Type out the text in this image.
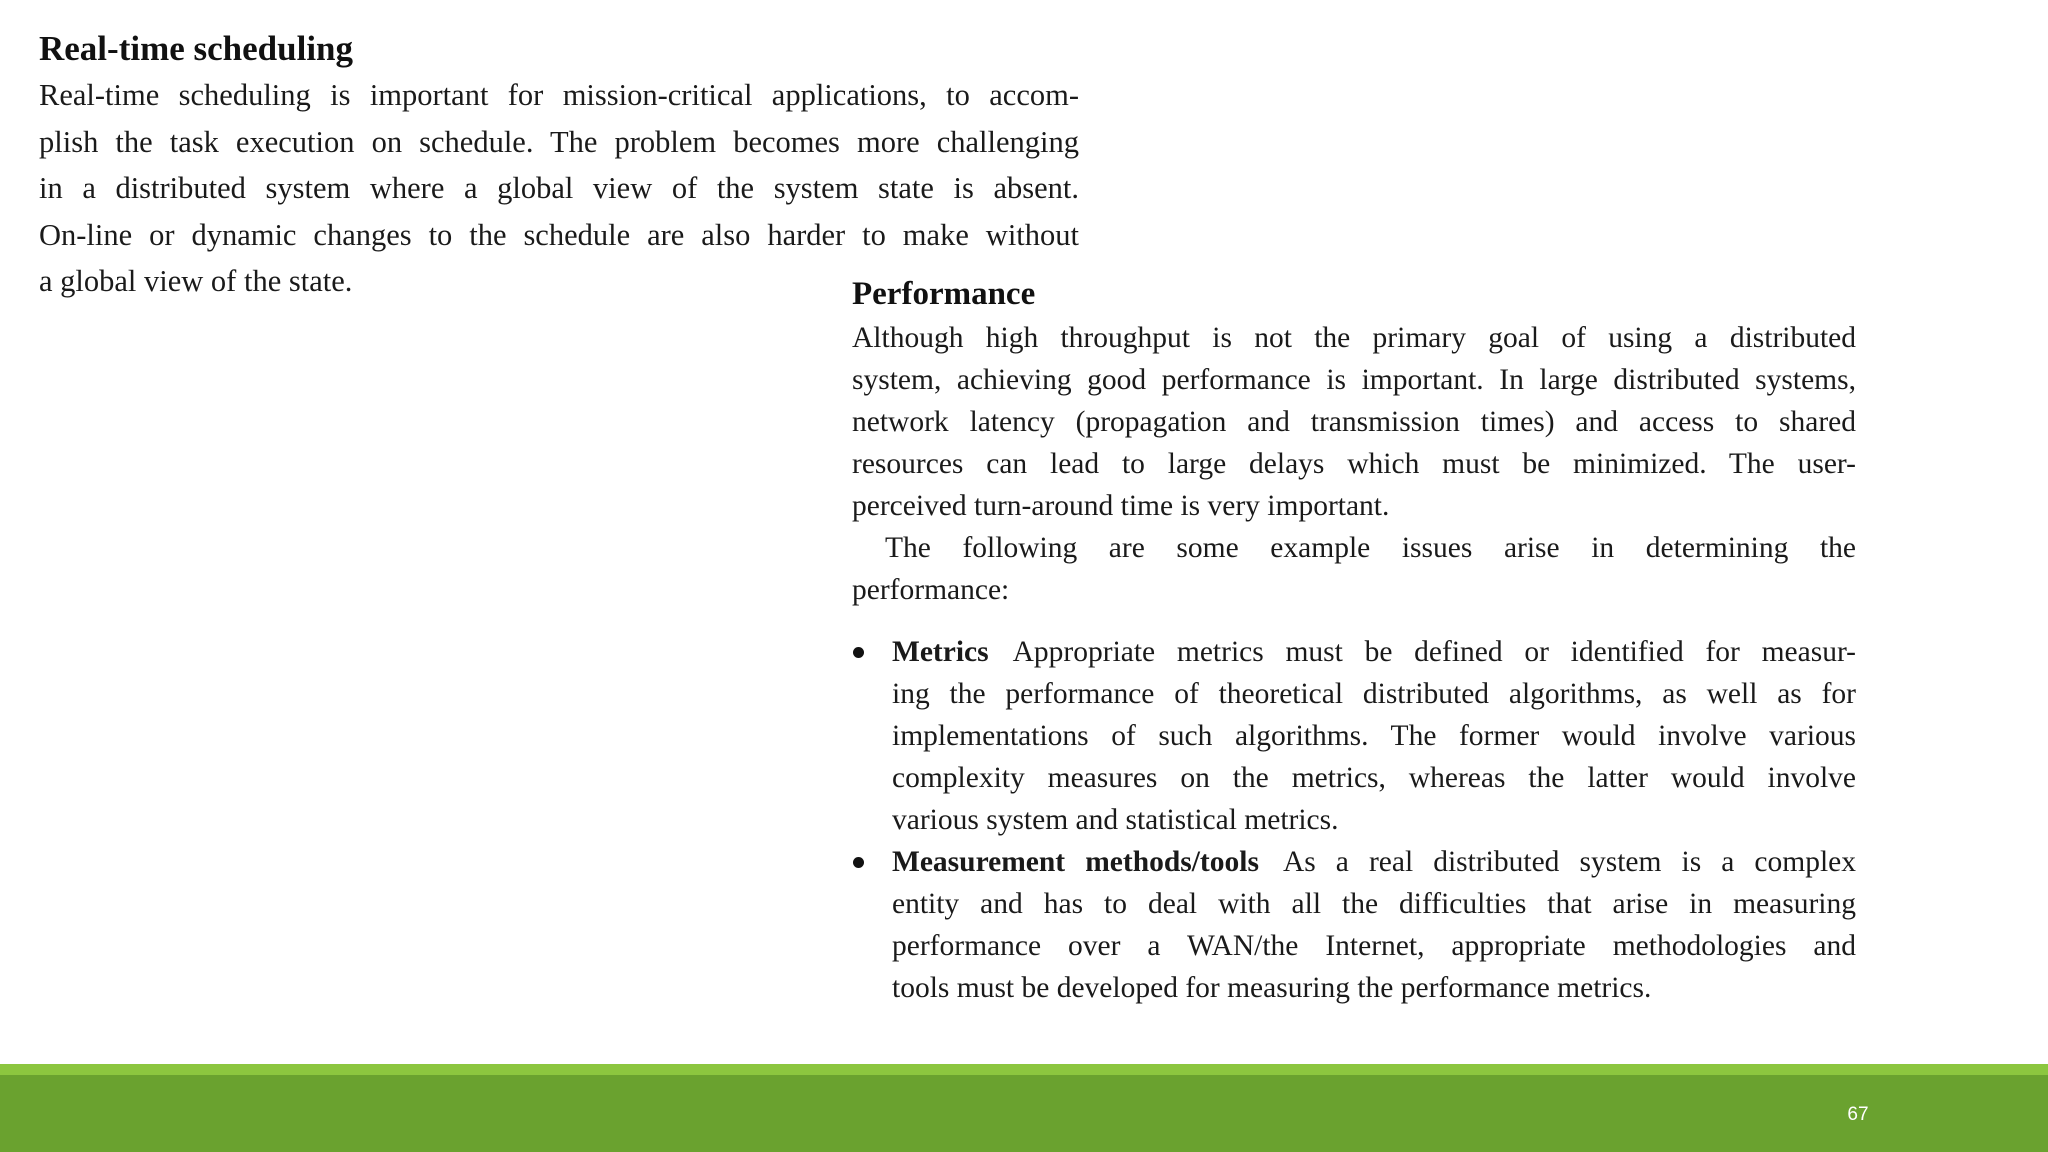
Real-time scheduling
Real-time scheduling is important for mission-critical applications, to accom-
plish the task execution on schedule. The problem becomes more challenging
in a distributed system where a global view of the system state is absent.
On-line or dynamic changes to the schedule are also harder to make without
a global view of the state.	Performance
Although high throughput is not the primary goal of using a distributed
system, achieving good performance is important. In large distributed systems,
network latency (propagation and transmission times) and access to shared
resources can lead to large delays which must be minimized. The user-
perceived turn-around time is very important.
The following are some example issues arise in determining the
performance:
Metrics Appropriate metrics must be defined or identified for measur-
ing the performance of theoretical distributed algorithms, as well as for
implementations of such algorithms. The former would involve various
complexity measures on the metrics, whereas the latter would involve
various system and statistical metrics.
Measurement methods/tools As a real distributed system is a complex
entity and has to deal with all the difficulties that arise in measuring
performance over a WAN/the Internet, appropriate methodologies and
tools must be developed for measuring the performance metrics.
67
